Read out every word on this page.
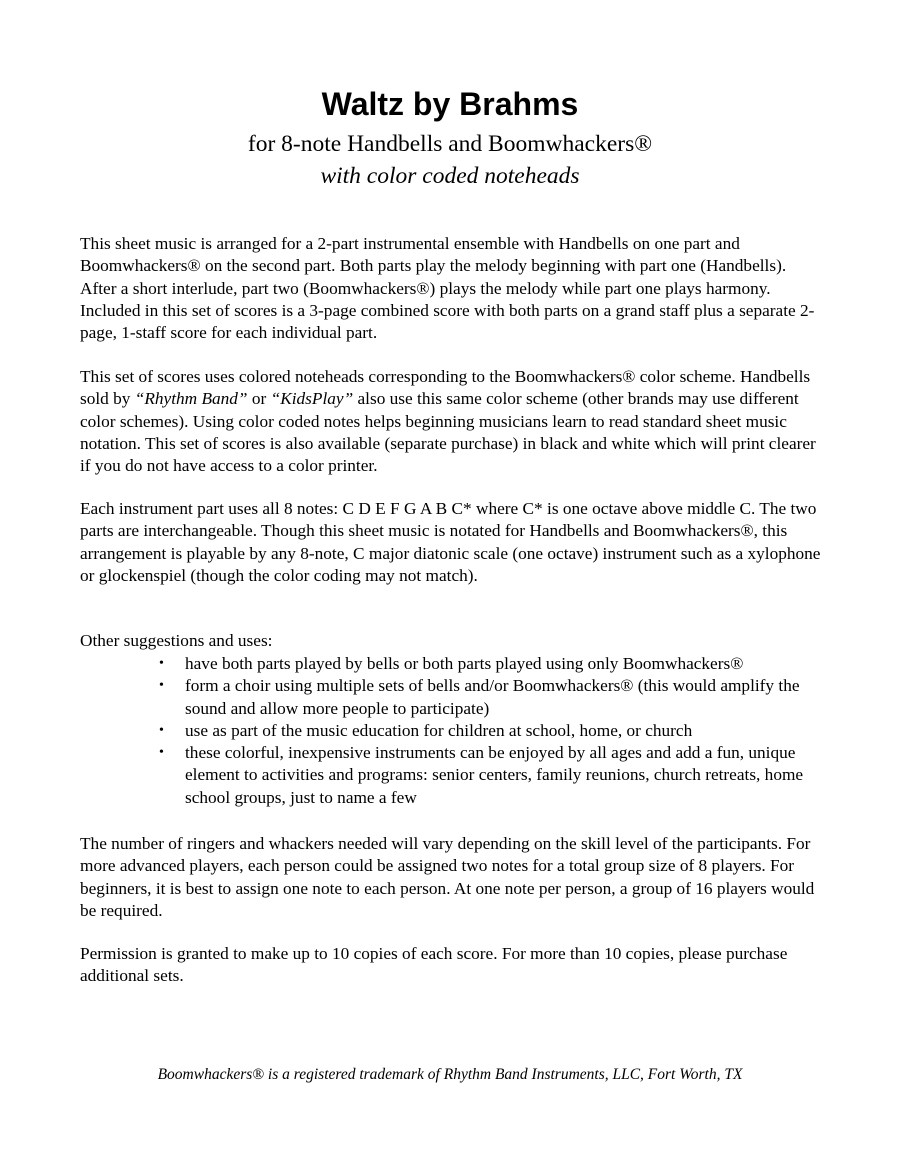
Waltz by Brahms

for 8-note Handbells and Boomwhackers®

with color coded noteheads

This sheet music is arranged for a 2-part instrumental ensemble with Handbells on one part and Boomwhackers® on the second part. Both parts play the melody beginning with part one (Handbells). After a short interlude, part two (Boomwhackers®) plays the melody while part one plays harmony. Included in this set of scores is a 3-page combined score with both parts on a grand staff plus a separate 2-page, 1-staff score for each individual part.

This set of scores uses colored noteheads corresponding to the Boomwhackers® color scheme. Handbells sold by “Rhythm Band” or “KidsPlay” also use this same color scheme (other brands may use different color schemes). Using color coded notes helps beginning musicians learn to read standard sheet music notation. This set of scores is also available (separate purchase) in black and white which will print clearer if you do not have access to a color printer.

Each instrument part uses all 8 notes: C D E F G A B C* where C* is one octave above middle C. The two parts are interchangeable. Though this sheet music is notated for Handbells and Boomwhackers®, this arrangement is playable by any 8-note, C major diatonic scale (one octave) instrument such as a xylophone or glockenspiel (though the color coding may not match).

Other suggestions and uses:

• have both parts played by bells or both parts played using only Boomwhackers®
• form a choir using multiple sets of bells and/or Boomwhackers® (this would amplify the sound and allow more people to participate)
• use as part of the music education for children at school, home, or church
• these colorful, inexpensive instruments can be enjoyed by all ages and add a fun, unique element to activities and programs: senior centers, family reunions, church retreats, home school groups, just to name a few

The number of ringers and whackers needed will vary depending on the skill level of the participants. For more advanced players, each person could be assigned two notes for a total group size of 8 players. For beginners, it is best to assign one note to each person. At one note per person, a group of 16 players would be required.

Permission is granted to make up to 10 copies of each score. For more than 10 copies, please purchase additional sets.

Boomwhackers® is a registered trademark of Rhythm Band Instruments, LLC, Fort Worth, TX
